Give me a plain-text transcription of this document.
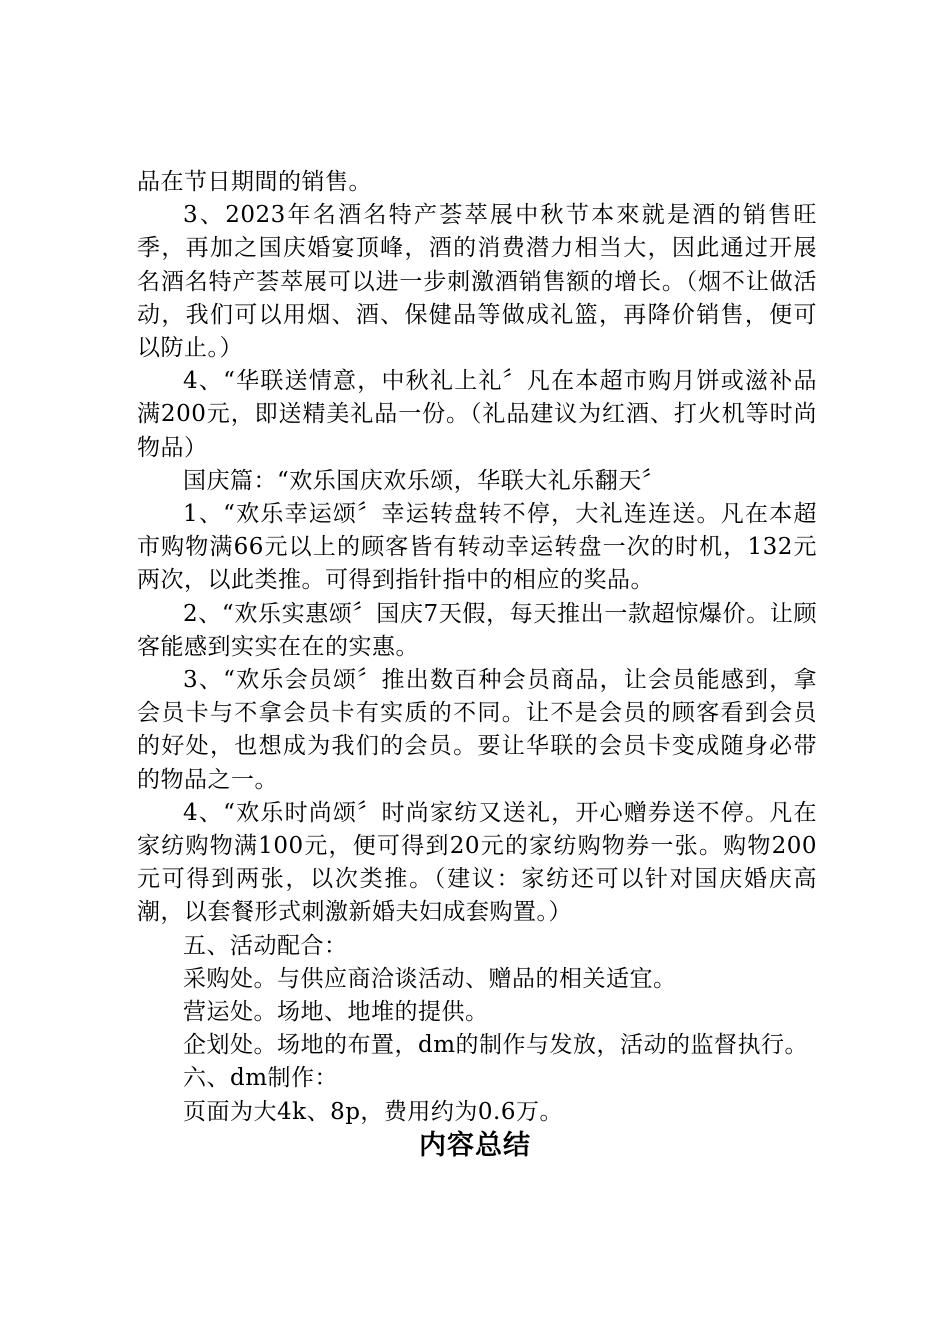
品在节日期間的销售。

3、2023年名酒名特产荟萃展中秋节本來就是酒的销售旺季，再加之国庆婚宴顶峰，酒的消费潜力相当大，因此通过开展名酒名特产荟萃展可以进一步刺激酒销售额的增长。（烟不让做活动，我们可以用烟、酒、保健品等做成礼篮，再降价销售，便可以防止。）

4、“华联送情意，中秋礼上礼〞凡在本超市购月饼或滋补品满200元，即送精美礼品一份。（礼品建议为红酒、打火机等时尚物品）

国庆篇：“欢乐国庆欢乐颂，华联大礼乐翻天〞

1、“欢乐幸运颂〞幸运转盘转不停，大礼连连送。凡在本超市购物满66元以上的顾客皆有转动幸运转盘一次的时机，132元两次，以此类推。可得到指针指中的相应的奖品。

2、“欢乐实惠颂〞国庆7天假，每天推出一款超惊爆价。让顾客能感到实实在在的实惠。

3、“欢乐会员颂〞推出数百种会员商品，让会员能感到，拿会员卡与不拿会员卡有实质的不同。让不是会员的顾客看到会员的好处，也想成为我们的会员。要让华联的会员卡变成随身必带的物品之一。

4、“欢乐时尚颂〞时尚家纺又送礼，开心赠券送不停。凡在家纺购物满100元，便可得到20元的家纺购物券一张。购物200元可得到两张，以次类推。（建议：家纺还可以针对国庆婚庆高潮，以套餐形式刺激新婚夫妇成套购置。）

五、活动配合：

采购处。与供应商洽谈活动、赠品的相关适宜。

营运处。场地、地堆的提供。

企划处。场地的布置，dm的制作与发放，活动的监督执行。

六、dm制作：

页面为大4k、8p，费用约为0.6万。

内容总结
